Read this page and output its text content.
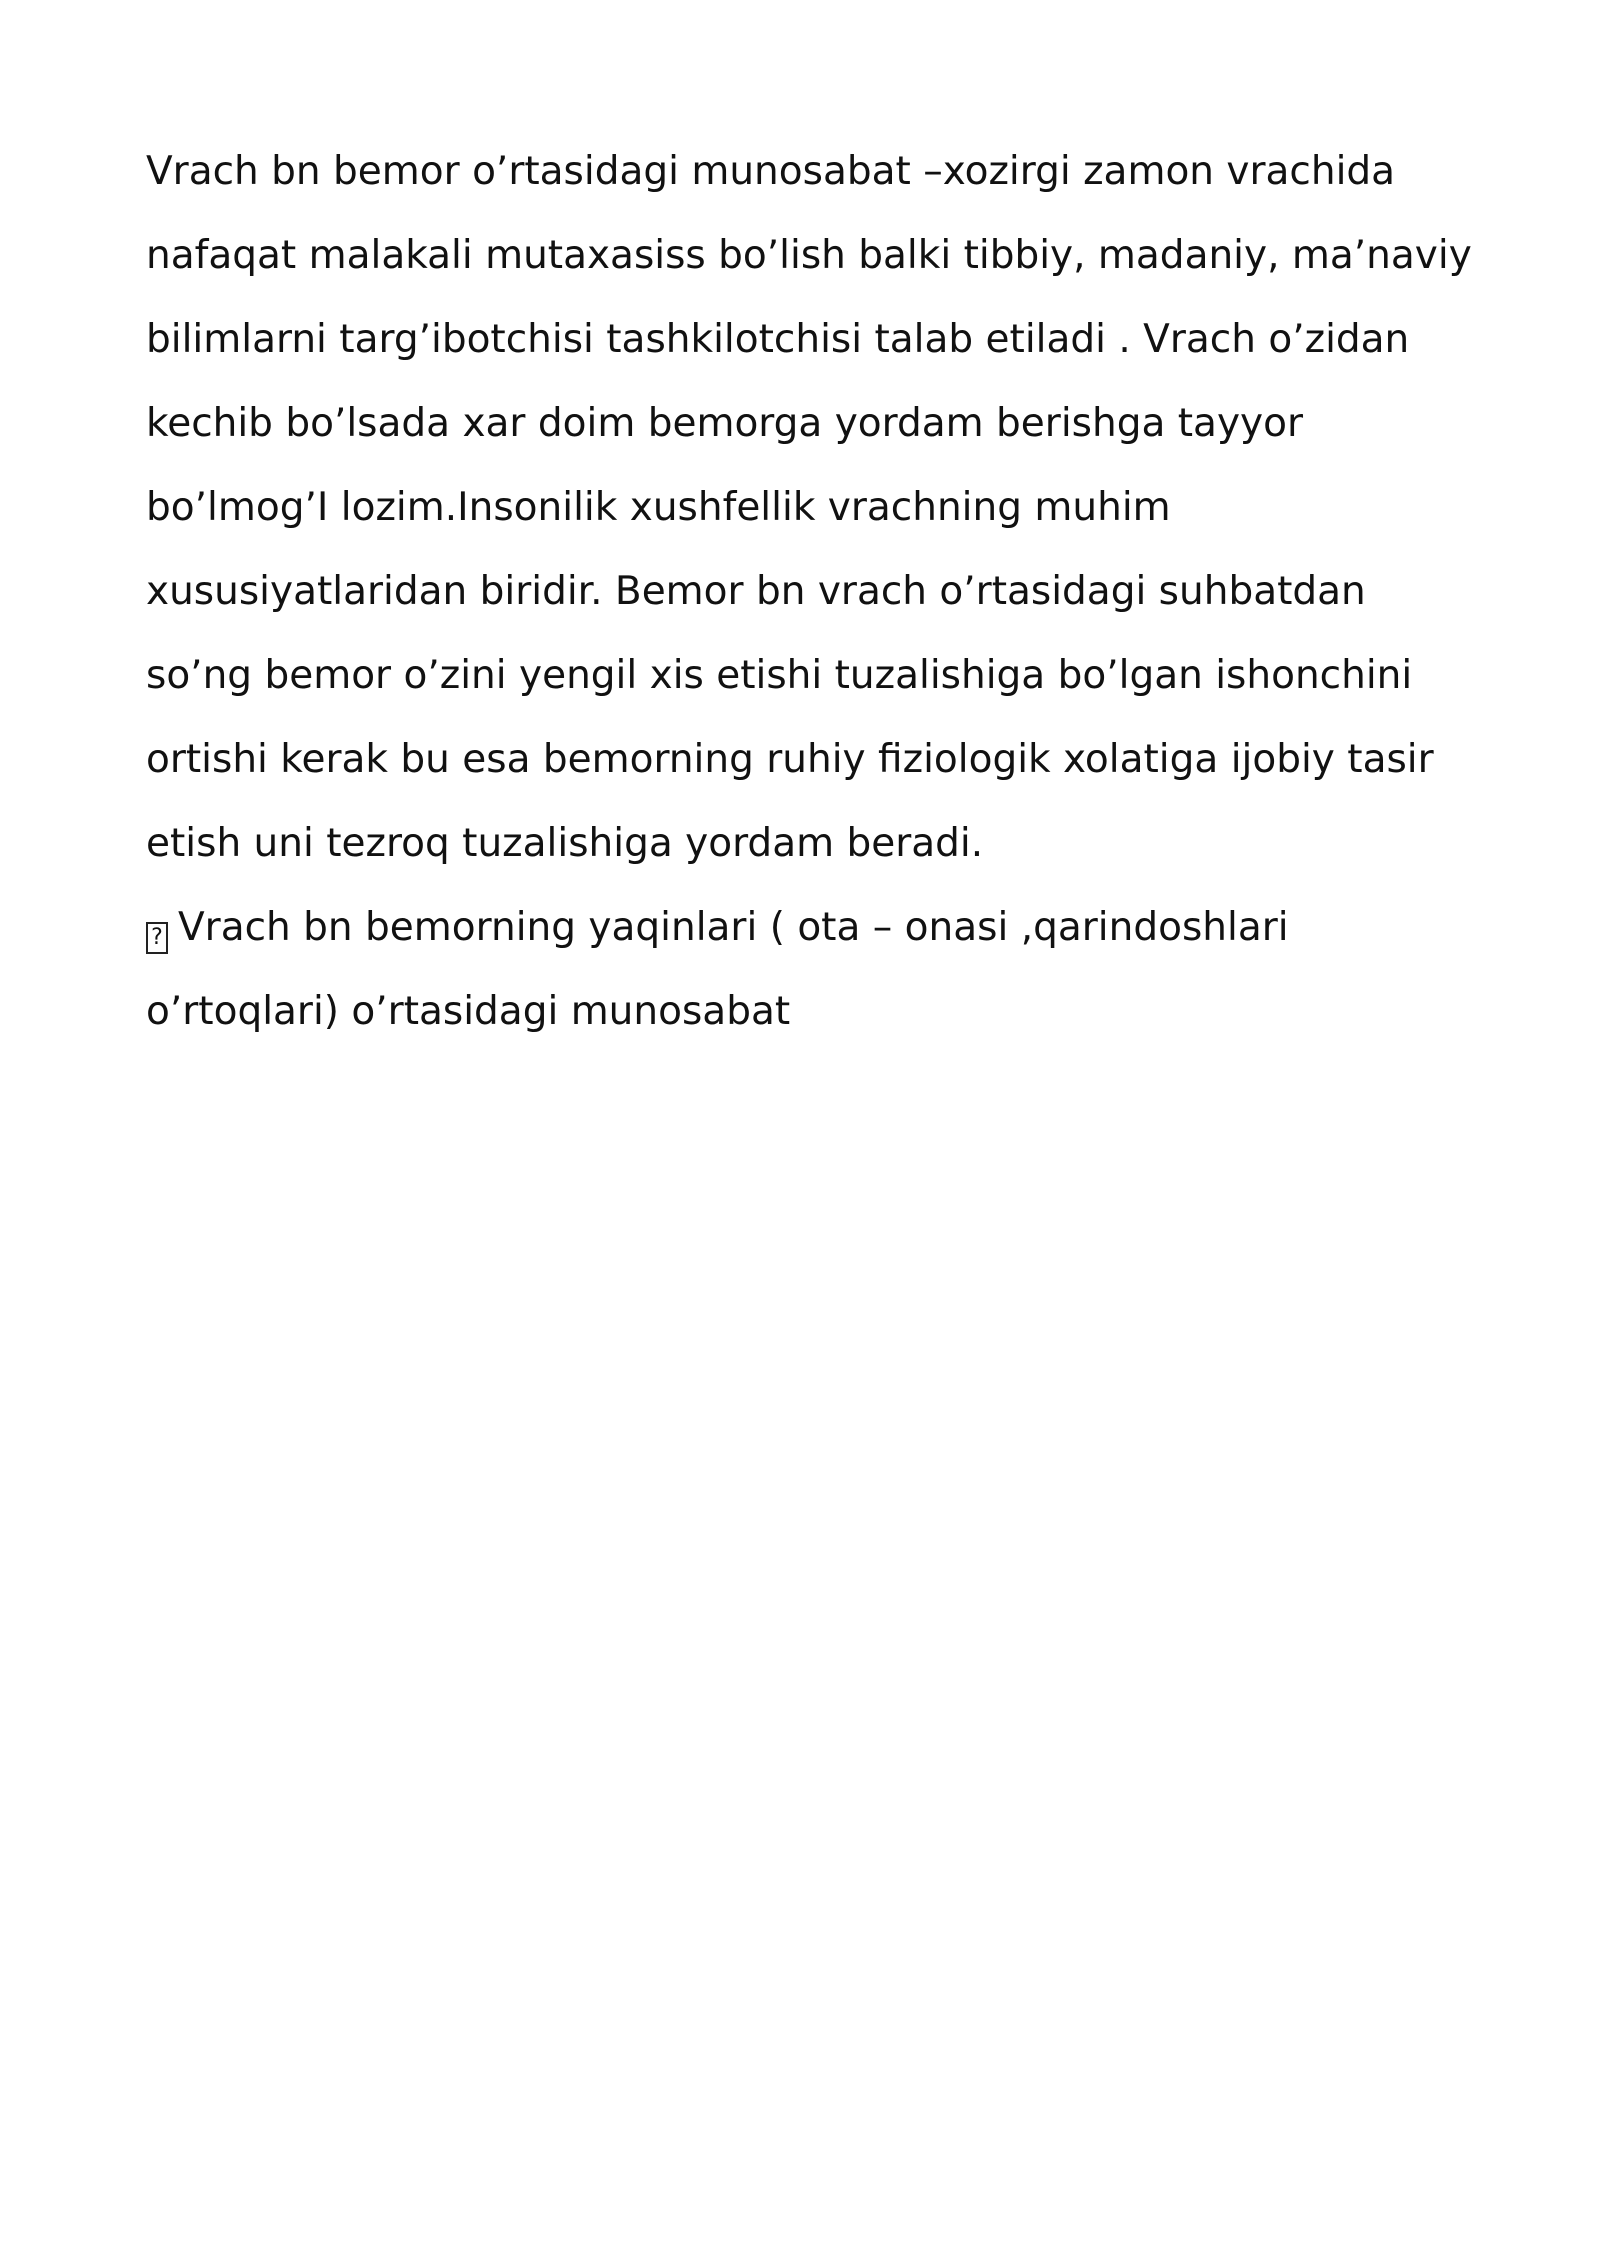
Vrach bn bemor o’rtasidagi munosabat –xozirgi zamon vrachida
nafaqat malakali mutaxasiss bo’lish balki tibbiy, madaniy, ma’naviy
bilimlarni targ’ibotchisi tashkilotchisi talab etiladi . Vrach o’zidan
kechib bo’lsada xar doim bemorga yordam berishga tayyor
bo’lmog’I lozim.Insonilik xushfellik vrachning muhim
xususiyatlaridan biridir. Bemor bn vrach o’rtasidagi suhbatdan
so’ng bemor o’zini yengil xis etishi tuzalishiga bo’lgan ishonchini
ortishi kerak bu esa bemorning ruhiy fiziologik xolatiga ijobiy tasir
etish uni tezroq tuzalishiga yordam beradi.
? Vrach bn bemorning yaqinlari ( ota – onasi ,qarindoshlari
o’rtoqlari) o’rtasidagi munosabat
